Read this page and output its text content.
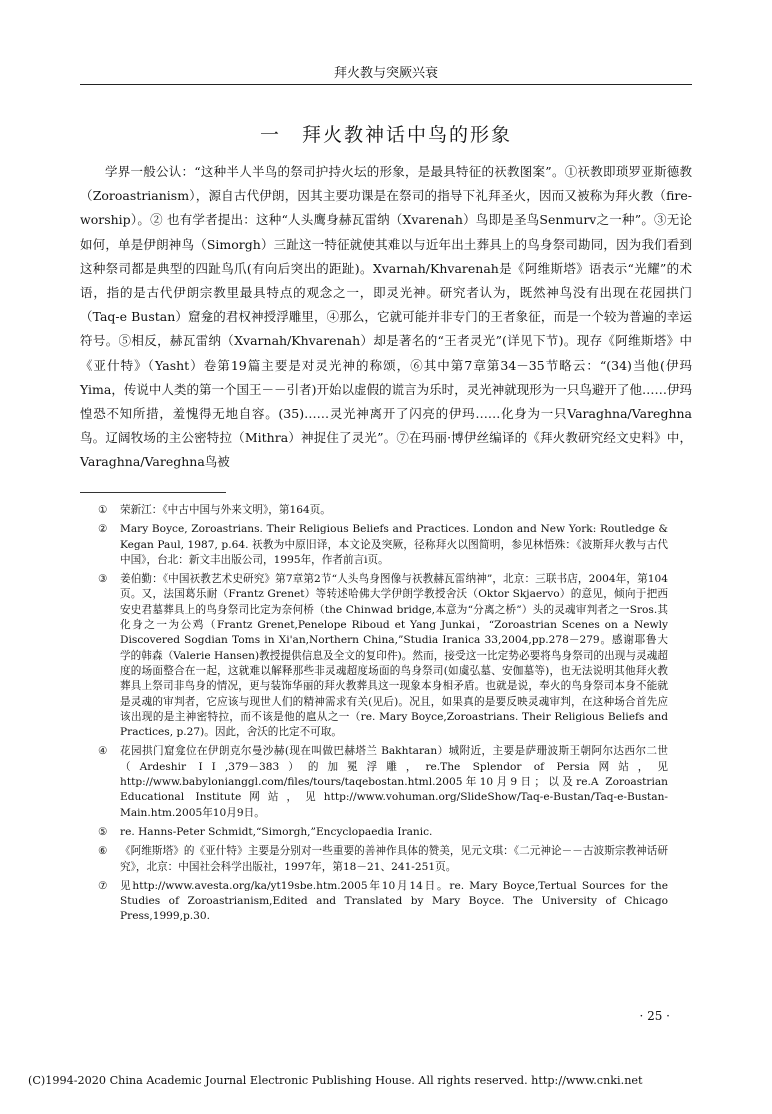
拜火教与突厥兴衰
一　拜火教神话中鸟的形象

学界一般公认：“这种半人半鸟的祭司护持火坛的形象，是最具特征的祆教图案”。①祆教即琐罗亚斯德教（Zoroastrianism），源自古代伊朗，因其主要功课是在祭司的指导下礼拜圣火，因而又被称为拜火教（fire-worship）。② 也有学者提出：这种“人头鹰身赫瓦雷纳（Xvarenah）鸟即是圣鸟Senmurv之一种”。③无论如何，单是伊朗神鸟（Simorgh）三趾这一特征就使其难以与近年出土葬具上的鸟身祭司勘同，因为我们看到这种祭司都是典型的四趾鸟爪(有向后突出的距趾)。Xvarnah/Khvarenah是《阿维斯塔》语表示“光耀”的术语，指的是古代伊朗宗教里最具特点的观念之一，即灵光神。研究者认为，既然神鸟没有出现在花园拱门（Taq-e Bustan）窟龛的君权神授浮雕里，④那么，它就可能并非专门的王者象征，而是一个较为普遍的幸运符号。⑤相反，赫瓦雷纳（Xvarnah/Khvarenah）却是著名的“王者灵光”(详见下节)。现存《阿维斯塔》中《亚什特》（Yasht）卷第19篇主要是对灵光神的称颂，⑥其中第7章第34－35节略云：“(34)当他(伊玛Yima，传说中人类的第一个国王－－引者)开始以虚假的谎言为乐时，灵光神就现形为一只鸟避开了他……伊玛惶恐不知所措，羞愧得无地自容。(35)……灵光神离开了闪亮的伊玛……化身为一只Varaghna/Vareghna鸟。辽阔牧场的主公密特拉（Mithra）神捉住了灵光”。⑦在玛丽·博伊丝编译的《拜火教研究经文史料》中，Varaghna/Vareghna鸟被

①	荣新江：《中古中国与外来文明》，第164页。
②	Mary Boyce, Zoroastrians. Their Religious Beliefs and Practices. London and New York: Routledge & Kegan Paul, 1987, p.64. 祆教为中原旧译，本文论及突厥，径称拜火以图简明，参见林悟殊：《波斯拜火教与古代中国》，台北：新文丰出版公司，1995年，作者前言i页。
③	姜伯勤：《中国祆教艺术史研究》第7章第2节“人头鸟身图像与祆教赫瓦雷纳神”，北京：三联书店，2004年，第104页。又，法国葛乐耐（Frantz Grenet）等转述哈佛大学伊朗学教授舍沃（Oktor Skjaervo）的意见，倾向于把西安史君墓葬具上的鸟身祭司比定为奈何桥（the Chinwad bridge,本意为“分离之桥”）头的灵魂审判者之一Sros.其化身之一为公鸡（Frantz Grenet,Penelope Riboud et Yang Junkai，“Zoroastrian Scenes on a Newly Discovered Sogdian Toms in Xi'an,Northern China,”Studia Iranica 33,2004,pp.278－279。感谢耶鲁大学的韩森（Valerie Hansen)教授提供信息及全文的复印件)。然而，接受这一比定势必要将鸟身祭司的出现与灵魂超度的场面整合在一起，这就难以解释那些非灵魂超度场面的鸟身祭司(如虞弘墓、安伽墓等)，也无法说明其他拜火教葬具上祭司非鸟身的情况，更与装饰华丽的拜火教葬具这一现象本身相矛盾。也就是说，奉火的鸟身祭司本身不能就是灵魂的审判者，它应该与现世人们的精神需求有关(见后)。况且，如果真的是要反映灵魂审判，在这种场合首先应该出现的是主神密特拉，而不该是他的扈从之一（re. Mary Boyce,Zoroastrians. Their Religious Beliefs and Practices, p.27)。因此，舍沃的比定不可取。
④	花园拱门窟龛位在伊朗克尔曼沙赫(现在叫做巴赫塔兰 Bakhtaran）城附近，主要是萨珊波斯王朝阿尔达西尔二世（Ardeshir ⅠⅠ,379－383）的加冕浮雕，re.The Splendor of Persia网站，见http://www.babylonianggl.com/files/tours/taqebostan.html.2005年10月9日；以及re.A Zoroastrian Educational Institute网站，见http://www.vohuman.org/SlideShow/Taq-e-Bustan/Taq-e-Bustan-Main.htm.2005年10月9日。
⑤	re. Hanns-Peter Schmidt,“Simorgh,”Encyclopaedia Iranic.
⑥	《阿维斯塔》的《亚什特》主要是分别对一些重要的善神作具体的赞美，见元文琪：《二元神论－－古波斯宗教神话研究》，北京：中国社会科学出版社，1997年，第18－21、241-251页。
⑦	见http://www.avesta.org/ka/yt19sbe.htm.2005年10月14日。re. Mary Boyce,Tertual Sources for the Studies of Zoroastrianism,Edited and Translated by Mary Boyce. The University of Chicago Press,1999,p.30.
· 25 ·
(C)1994-2020 China Academic Journal Electronic Publishing House. All rights reserved. http://www.cnki.net
